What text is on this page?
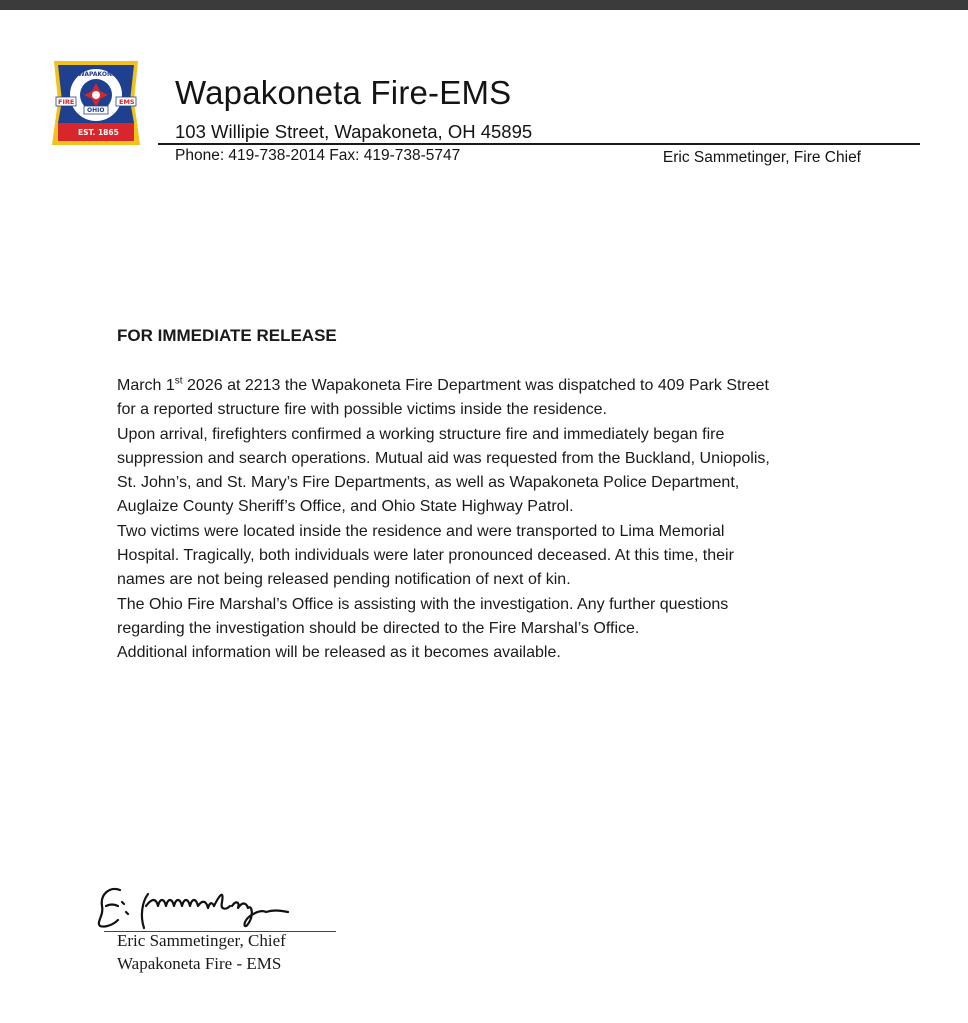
WAPAKONETA
FIRE
OHIO
EMS
EST. 1865
Wapakoneta Fire-EMS
103 Willipie Street, Wapakoneta, OH 45895
Phone: 419-738-2014 Fax: 419-738-5747	Eric Sammetinger, Fire Chief
FOR IMMEDIATE RELEASE

March 1st 2026 at 2213 the Wapakoneta Fire Department was dispatched to 409 Park Street

for a reported structure fire with possible victims inside the residence.

Upon arrival, firefighters confirmed a working structure fire and immediately began fire

suppression and search operations. Mutual aid was requested from the Buckland, Uniopolis,

St. John’s, and St. Mary’s Fire Departments, as well as Wapakoneta Police Department,

Auglaize County Sheriff’s Office, and Ohio State Highway Patrol.

Two victims were located inside the residence and were transported to Lima Memorial

Hospital. Tragically, both individuals were later pronounced deceased. At this time, their

names are not being released pending notification of next of kin.

The Ohio Fire Marshal’s Office is assisting with the investigation. Any further questions

regarding the investigation should be directed to the Fire Marshal’s Office.

Additional information will be released as it becomes available.

Eric Sammetinger, Chief
Wapakoneta Fire - EMS
